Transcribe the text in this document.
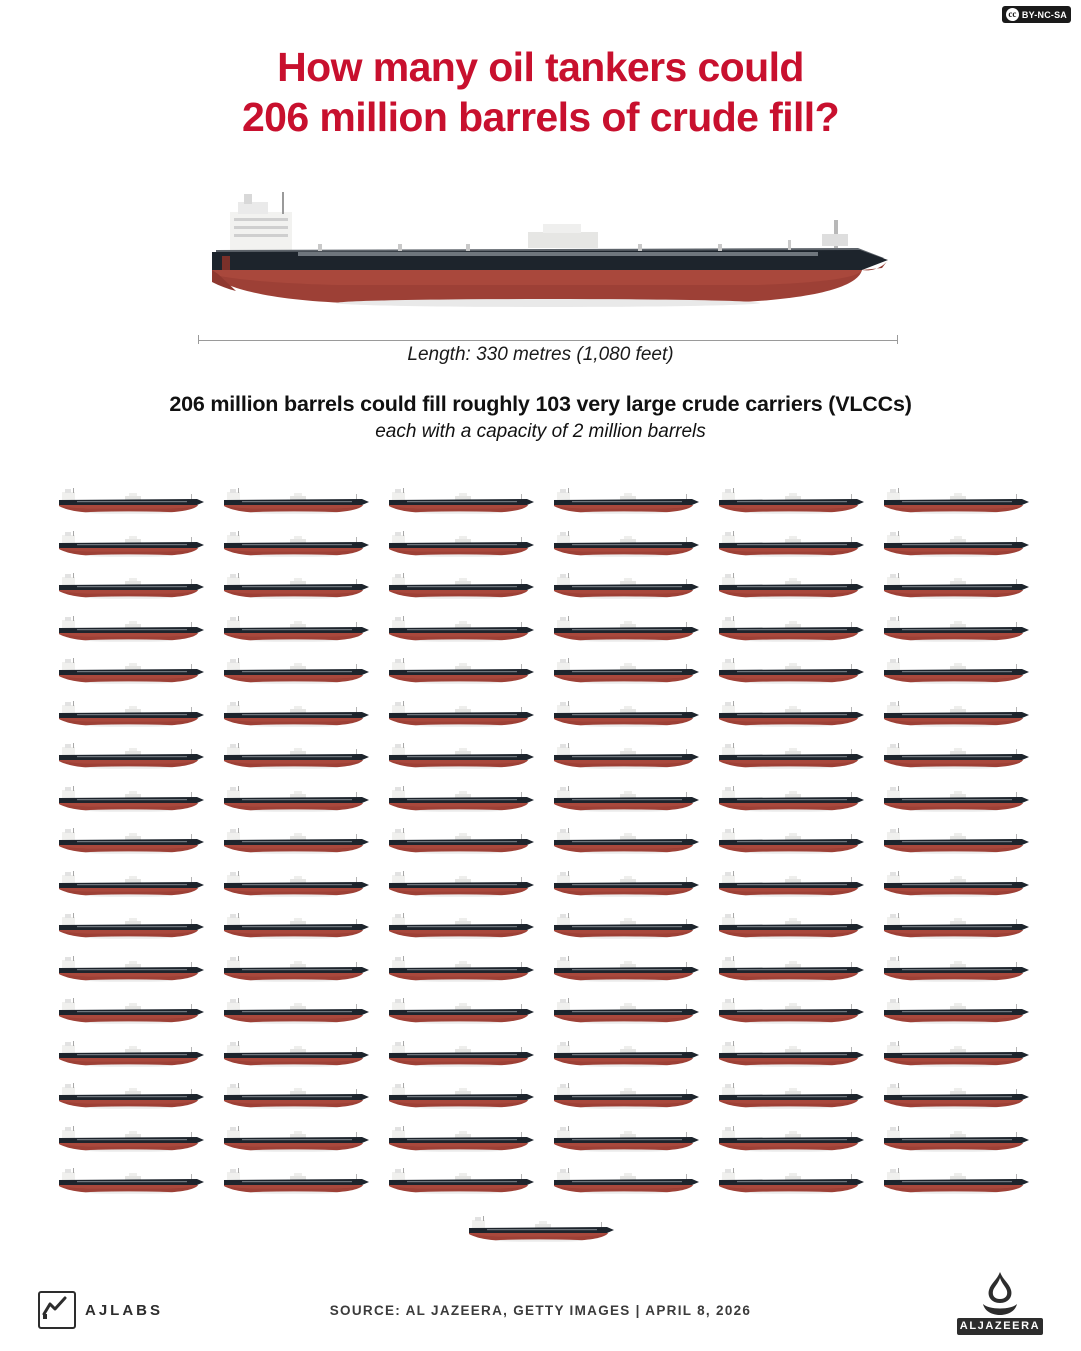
cc BY-NC-SA
How many oil tankers could
206 million barrels of crude fill?
Length: 330 metres (1,080 feet)
206 million barrels could fill roughly 103 very large crude carriers (VLCCs)
each with a capacity of 2 million barrels
SOURCE: AL JAZEERA, GETTY IMAGES | APRIL 8, 2026
AJLABS
ALJAZEERA
